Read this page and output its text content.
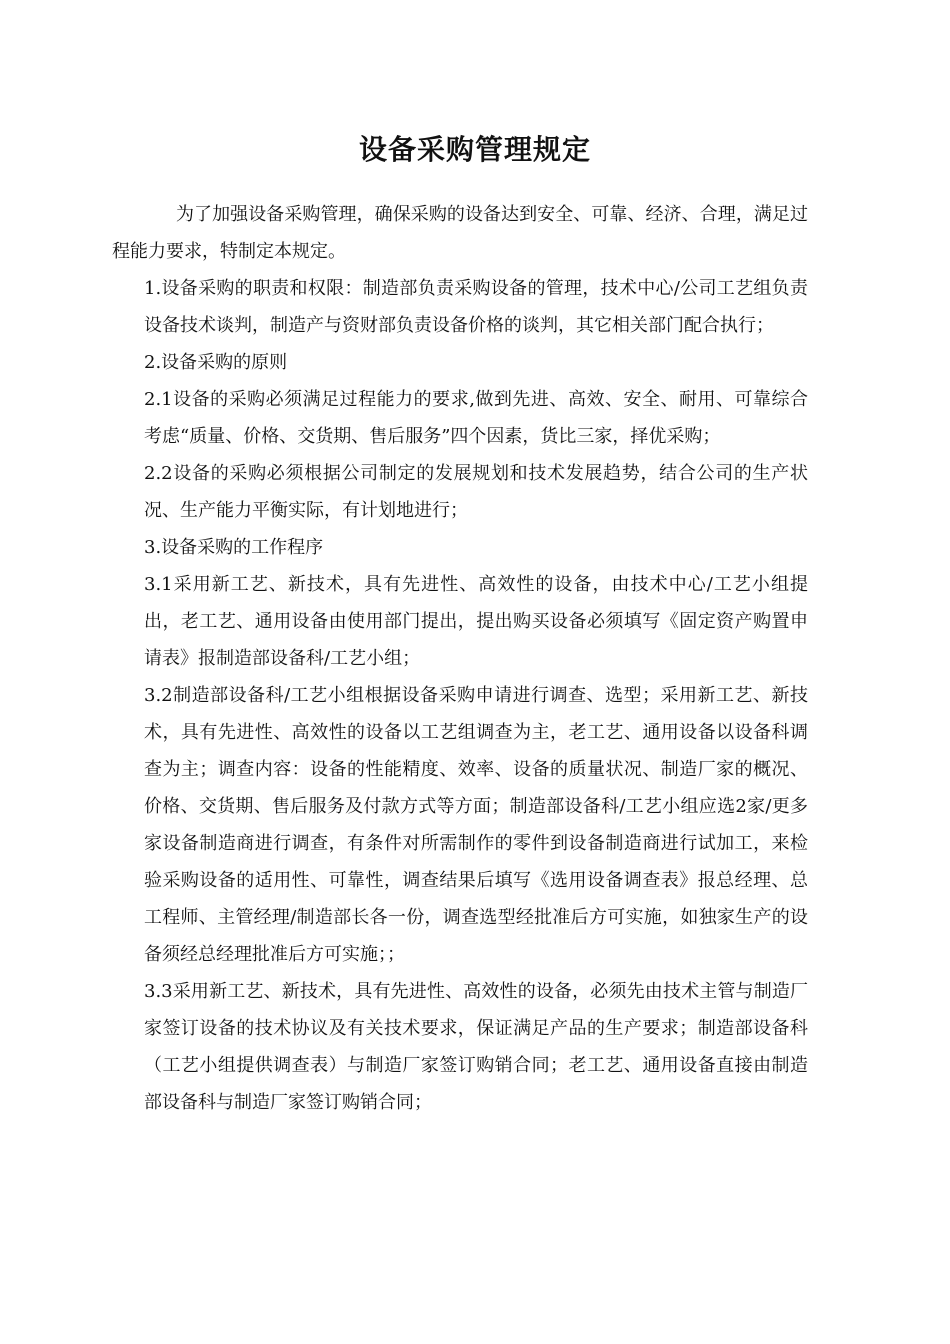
设备采购管理规定

为了加强设备采购管理，确保采购的设备达到安全、可靠、经济、合理，满足过程能力要求，特制定本规定。

1.设备采购的职责和权限：制造部负责采购设备的管理，技术中心/公司工艺组负责设备技术谈判，制造产与资财部负责设备价格的谈判，其它相关部门配合执行；

2.设备采购的原则

2.1设备的采购必须满足过程能力的要求,做到先进、高效、安全、耐用、可靠综合考虑“质量、价格、交货期、售后服务”四个因素，货比三家，择优采购；

2.2设备的采购必须根据公司制定的发展规划和技术发展趋势，结合公司的生产状况、生产能力平衡实际，有计划地进行；

3.设备采购的工作程序

3.1采用新工艺、新技术，具有先进性、高效性的设备，由技术中心/工艺小组提出，老工艺、通用设备由使用部门提出，提出购买设备必须填写《固定资产购置申请表》报制造部设备科/工艺小组；

3.2制造部设备科/工艺小组根据设备采购申请进行调查、选型；采用新工艺、新技术，具有先进性、高效性的设备以工艺组调查为主，老工艺、通用设备以设备科调查为主；调查内容：设备的性能精度、效率、设备的质量状况、制造厂家的概况、价格、交货期、售后服务及付款方式等方面；制造部设备科/工艺小组应选2家/更多家设备制造商进行调查，有条件对所需制作的零件到设备制造商进行试加工，来检验采购设备的适用性、可靠性，调查结果后填写《选用设备调查表》报总经理、总工程师、主管经理/制造部长各一份，调查选型经批准后方可实施，如独家生产的设备须经总经理批准后方可实施；；

3.3采用新工艺、新技术，具有先进性、高效性的设备，必须先由技术主管与制造厂家签订设备的技术协议及有关技术要求，保证满足产品的生产要求；制造部设备科（工艺小组提供调查表）与制造厂家签订购销合同；老工艺、通用设备直接由制造部设备科与制造厂家签订购销合同；
